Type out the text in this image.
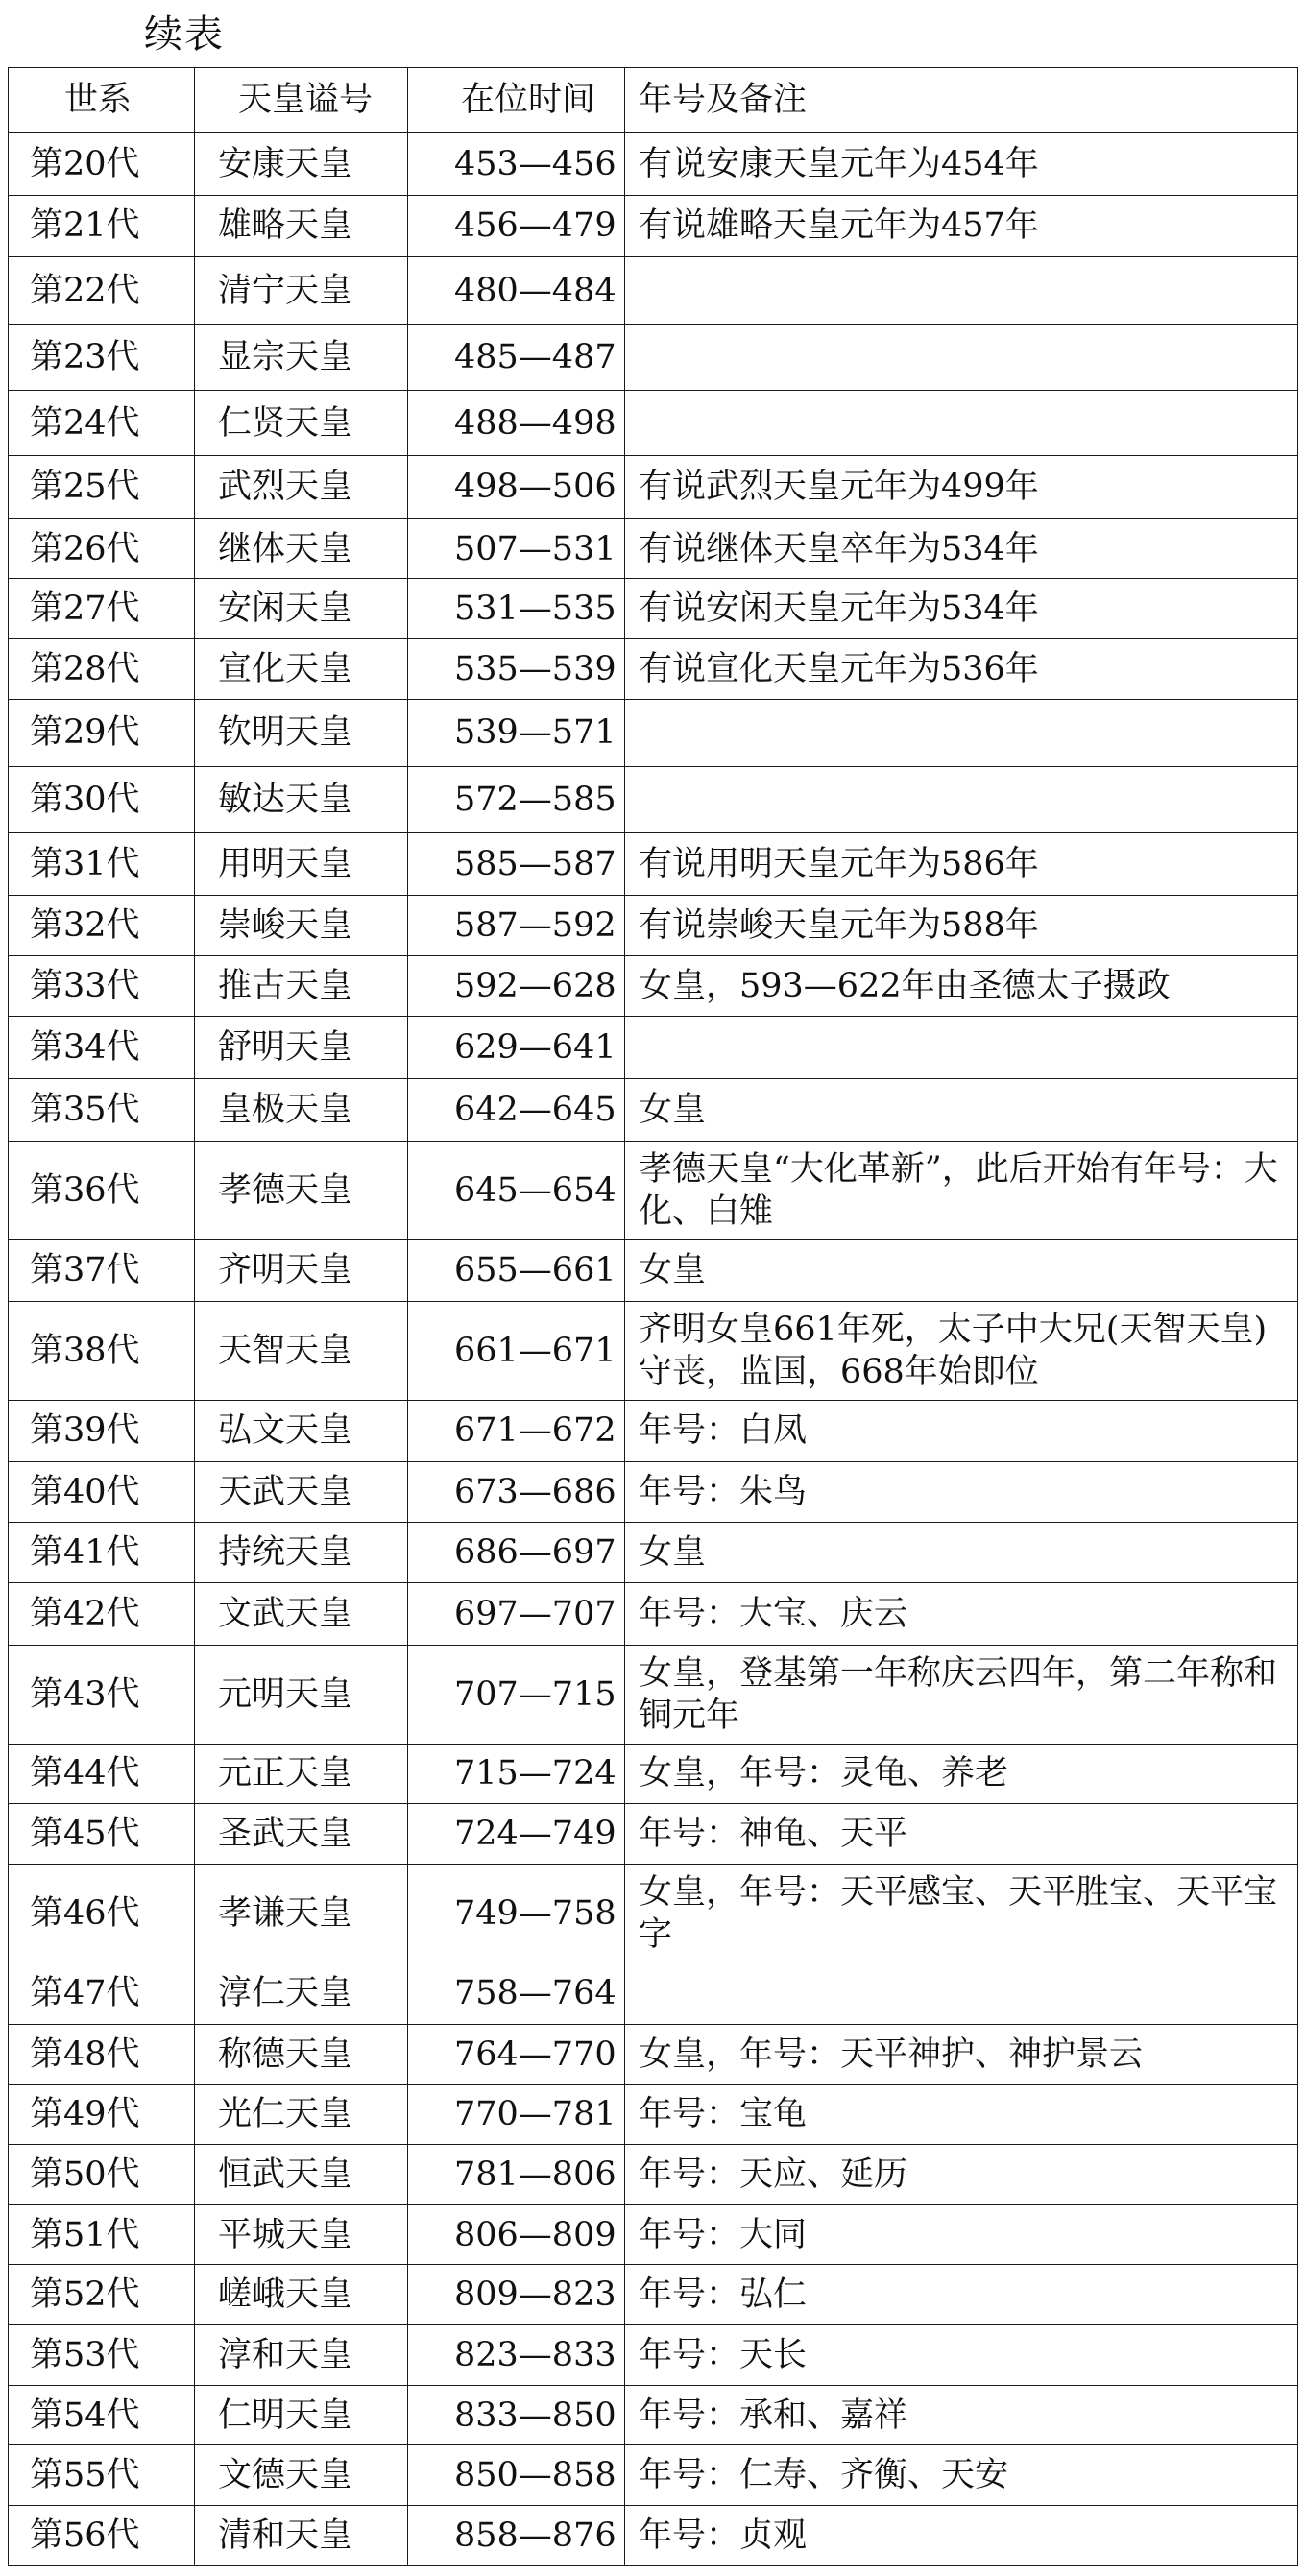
续表
世系	天皇谥号	在位时间	年号及备注
第20代	安康天皇	453—456	有说安康天皇元年为454年
第21代	雄略天皇	456—479	有说雄略天皇元年为457年
第22代	清宁天皇	480—484	
第23代	显宗天皇	485—487	
第24代	仁贤天皇	488—498	
第25代	武烈天皇	498—506	有说武烈天皇元年为499年
第26代	继体天皇	507—531	有说继体天皇卒年为534年
第27代	安闲天皇	531—535	有说安闲天皇元年为534年
第28代	宣化天皇	535—539	有说宣化天皇元年为536年
第29代	钦明天皇	539—571	
第30代	敏达天皇	572—585	
第31代	用明天皇	585—587	有说用明天皇元年为586年
第32代	崇峻天皇	587—592	有说崇峻天皇元年为588年
第33代	推古天皇	592—628	女皇，593—622年由圣德太子摄政
第34代	舒明天皇	629—641	
第35代	皇极天皇	642—645	女皇
第36代	孝德天皇	645—654	孝德天皇“大化革新”，此后开始有年号：大化、白雉
第37代	齐明天皇	655—661	女皇
第38代	天智天皇	661—671	齐明女皇661年死，太子中大兄(天智天皇)守丧，监国，668年始即位
第39代	弘文天皇	671—672	年号：白凤
第40代	天武天皇	673—686	年号：朱鸟
第41代	持统天皇	686—697	女皇
第42代	文武天皇	697—707	年号：大宝、庆云
第43代	元明天皇	707—715	女皇，登基第一年称庆云四年，第二年称和铜元年
第44代	元正天皇	715—724	女皇，年号：灵龟、养老
第45代	圣武天皇	724—749	年号：神龟、天平
第46代	孝谦天皇	749—758	女皇，年号：天平感宝、天平胜宝、天平宝字
第47代	淳仁天皇	758—764	
第48代	称德天皇	764—770	女皇，年号：天平神护、神护景云
第49代	光仁天皇	770—781	年号：宝龟
第50代	恒武天皇	781—806	年号：天应、延历
第51代	平城天皇	806—809	年号：大同
第52代	嵯峨天皇	809—823	年号：弘仁
第53代	淳和天皇	823—833	年号：天长
第54代	仁明天皇	833—850	年号：承和、嘉祥
第55代	文德天皇	850—858	年号：仁寿、齐衡、天安
第56代	清和天皇	858—876	年号：贞观
